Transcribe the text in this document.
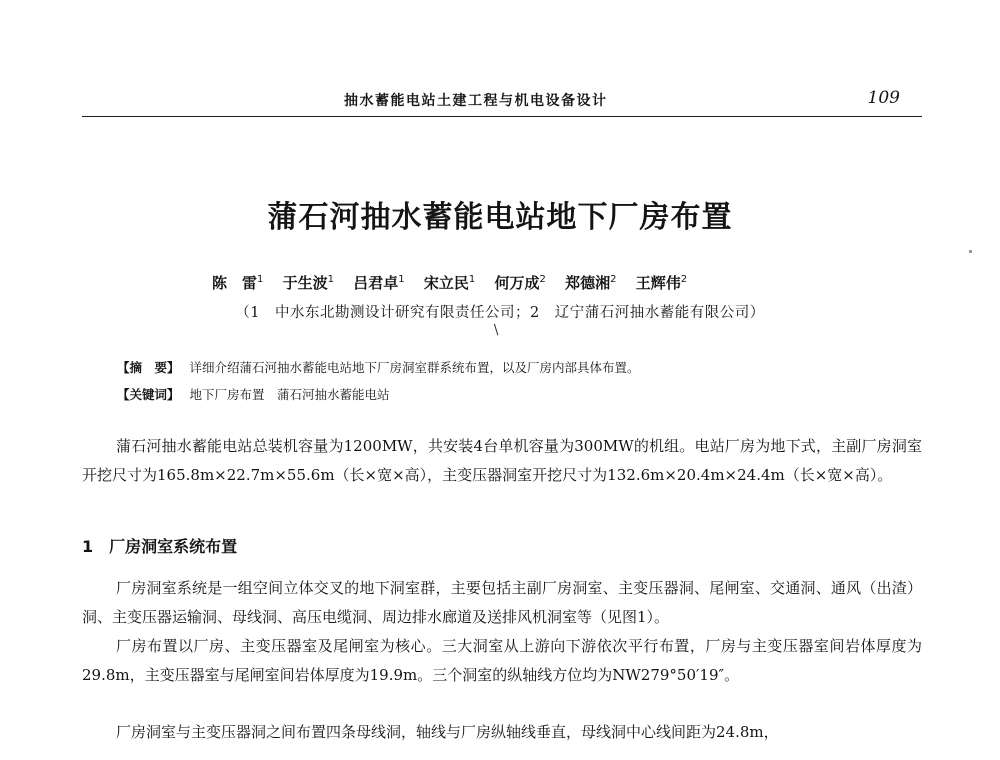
抽水蓄能电站土建工程与机电设备设计	109
蒲石河抽水蓄能电站地下厂房布置
陈　雷$^1$ 于生波$^1$ 吕君卓$^1$ 宋立民$^1$ 何万成$^2$ 郑德湘$^2$ 王辉伟$^2$
（1　中水东北勘测设计研究有限责任公司；2　辽宁蒲石河抽水蓄能有限公司）
/
【摘　要】 详细介绍蒲石河抽水蓄能电站地下厂房洞室群系统布置，以及厂房内部具体布置。
【关键词】 地下厂房布置　蒲石河抽水蓄能电站

蒲石河抽水蓄能电站总装机容量为1200MW，共安装4台单机容量为300MW的机组。电站厂房为地下式，主副厂房洞室开挖尺寸为165.8m×22.7m×55.6m（长×宽×高），主变压器洞室开挖尺寸为132.6m×20.4m×24.4m（长×宽×高）。

1　厂房洞室系统布置

厂房洞室系统是一组空间立体交叉的地下洞室群，主要包括主副厂房洞室、主变压器洞、尾闸室、交通洞、通风（出渣）洞、主变压器运输洞、母线洞、高压电缆洞、周边排水廊道及送排风机洞室等（见图1）。

厂房布置以厂房、主变压器室及尾闸室为核心。三大洞室从上游向下游依次平行布置，厂房与主变压器室间岩体厚度为29.8m，主变压器室与尾闸室间岩体厚度为19.9m。三个洞室的纵轴线方位均为NW279°50′19″。

厂房洞室与主变压器洞之间布置四条母线洞，轴线与厂房纵轴线垂直，母线洞中心线间距为24.8m，
